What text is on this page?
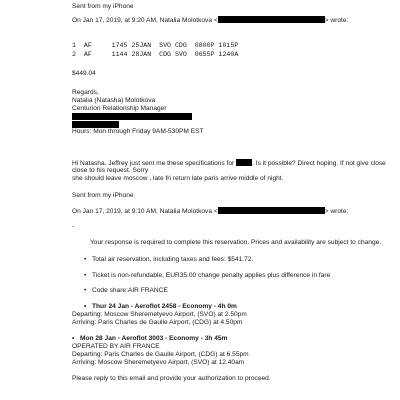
Sent from my iPhone
On Jan 17, 2019, at 9:20 AM, Natalia Molotkova <	> wrote:
1 AF	1745 25JAN SVO CDG 0800P 1015P
2 AF	1144 28JAN CDG SVO 0655P 1240A
$449.04
Regards,
Natalia (Natasha) Molotkova
Centurion Relationship Manager
Hours: Mon through Friday 9AM-530PM EST
Hi Natasha. Jeffrey just sent me these specifications for	. Is it possible? Direct hoping. If not give close
close to his request. Sorry
she should leave moscow , late fri return late paris arrive middle of night.
Sent from my iPhone
On Jan 17, 2019, at 9:10 AM, Natalia Molotkova <	> wrote:
-
Your response is required to complete this reservation. Prices and availability are subject to change.
• Total air reservation, including taxes and fees: $541.72.
• Ticket is non-refundable, EUR35.00 change penalty applies plus difference in fare
• Code share:AIR FRANCE
• Thur 24 Jan - Aeroflot 2458 - Economy - 4h 0m
Departing: Moscow Sheremetyevo Airport, (SVO) at 2.50pm
Arriving: Paris Charles de Gaulle Airport, (CDG) at 4.50pm
• Mon 28 Jan - Aeroflot 3003 - Economy - 3h 45m
OPERATED BY AIR FRANCE
Departing: Paris Charles de Gaulle Airport, (CDG) at 6.55pm
Arriving: Moscow Sheremetyevo Airport, (SVO) at 12.40am
Please reply to this email and provide your authorization to proceed.
